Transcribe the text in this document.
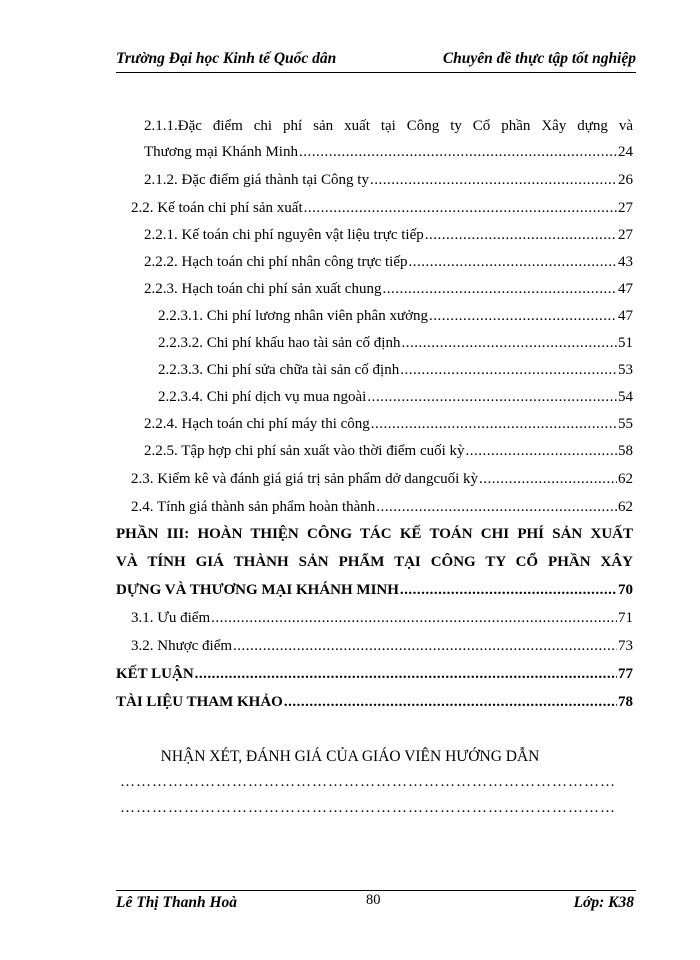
Trường Đại học Kinh tế Quốc dân	Chuyên đề thực tập tốt nghiệp
2.1.1.Đặc điểm chi phí sản xuất tại Công ty Cổ phần Xây dựng và
Thương mại Khánh Minh .....	24
2.1.2. Đặc điểm giá thành tại Công ty .....	26
2.2. Kế toán chi phí sản xuất .....	27
2.2.1. Kế toán chi phí nguyên vật liệu trực tiếp .....	27
2.2.2. Hạch toán chi phí nhân công trực tiếp .....	43
2.2.3. Hạch toán chi phí sản xuất chung .....	47
2.2.3.1. Chi phí lương nhân viên phân xưởng .....	47
2.2.3.2. Chi phí khấu hao tài sản cố định .....	51
2.2.3.3. Chi phí sửa chữa tài sản cố định .....	53
2.2.3.4. Chi phí dịch vụ mua ngoài .....	54
2.2.4. Hạch toán chi phí máy thi công .....	55
2.2.5. Tập hợp chi phí sản xuất vào thời điểm cuối kỳ .....	58
2.3. Kiểm kê và đánh giá giá trị sản phẩm dở dangcuối kỳ .....	62
2.4. Tính giá thành sản phẩm hoàn thành .....	62
PHẦN III: HOÀN THIỆN CÔNG TÁC KẾ TOÁN CHI PHÍ SẢN XUẤT
VÀ TÍNH GIÁ THÀNH SẢN PHẨM TẠI CÔNG TY CỔ PHẦN XÂY
DỰNG VÀ THƯƠNG MẠI KHÁNH MINH .....	70
3.1. Ưu điểm .....	71
3.2. Nhược điểm .....	73
KẾT LUẬN .....	77
TÀI LIỆU THAM KHẢO .....	78
NHẬN XÉT, ĐÁNH GIÁ CỦA GIÁO VIÊN HƯỚNG DẪN
…………………………………………………………………………………
…………………………………………………………………………………
Lê Thị Thanh Hoà	80	Lớp: K38
